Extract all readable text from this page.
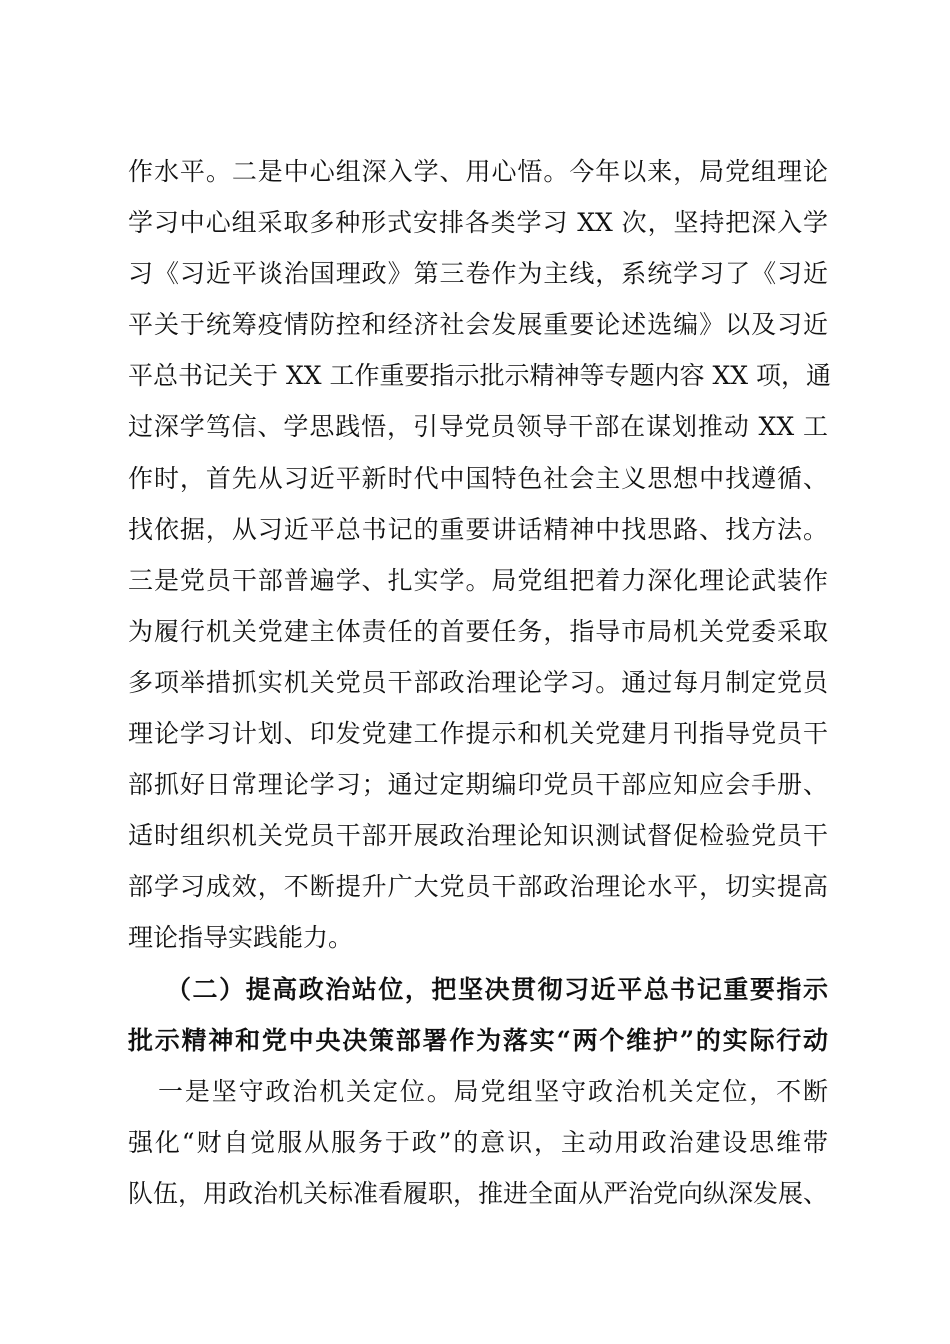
作水平。二是中心组深入学、用心悟。今年以来，局党组理论
学习中心组采取多种形式安排各类学习 XX 次，坚持把深入学
习《习近平谈治国理政》第三卷作为主线，系统学习了《习近
平关于统筹疫情防控和经济社会发展重要论述选编》以及习近
平总书记关于 XX 工作重要指示批示精神等专题内容 XX 项，通
过深学笃信、学思践悟，引导党员领导干部在谋划推动 XX 工
作时，首先从习近平新时代中国特色社会主义思想中找遵循、
找依据，从习近平总书记的重要讲话精神中找思路、找方法。
三是党员干部普遍学、扎实学。局党组把着力深化理论武装作
为履行机关党建主体责任的首要任务，指导市局机关党委采取
多项举措抓实机关党员干部政治理论学习。通过每月制定党员
理论学习计划、印发党建工作提示和机关党建月刊指导党员干
部抓好日常理论学习；通过定期编印党员干部应知应会手册、
适时组织机关党员干部开展政治理论知识测试督促检验党员干
部学习成效，不断提升广大党员干部政治理论水平，切实提高
理论指导实践能力。
（二）提高政治站位，把坚决贯彻习近平总书记重要指示
批示精神和党中央决策部署作为落实“两个维护”的实际行动
一是坚守政治机关定位。局党组坚守政治机关定位，不断
强化“财自觉服从服务于政”的意识，主动用政治建设思维带
队伍，用政治机关标准看履职，推进全面从严治党向纵深发展、
